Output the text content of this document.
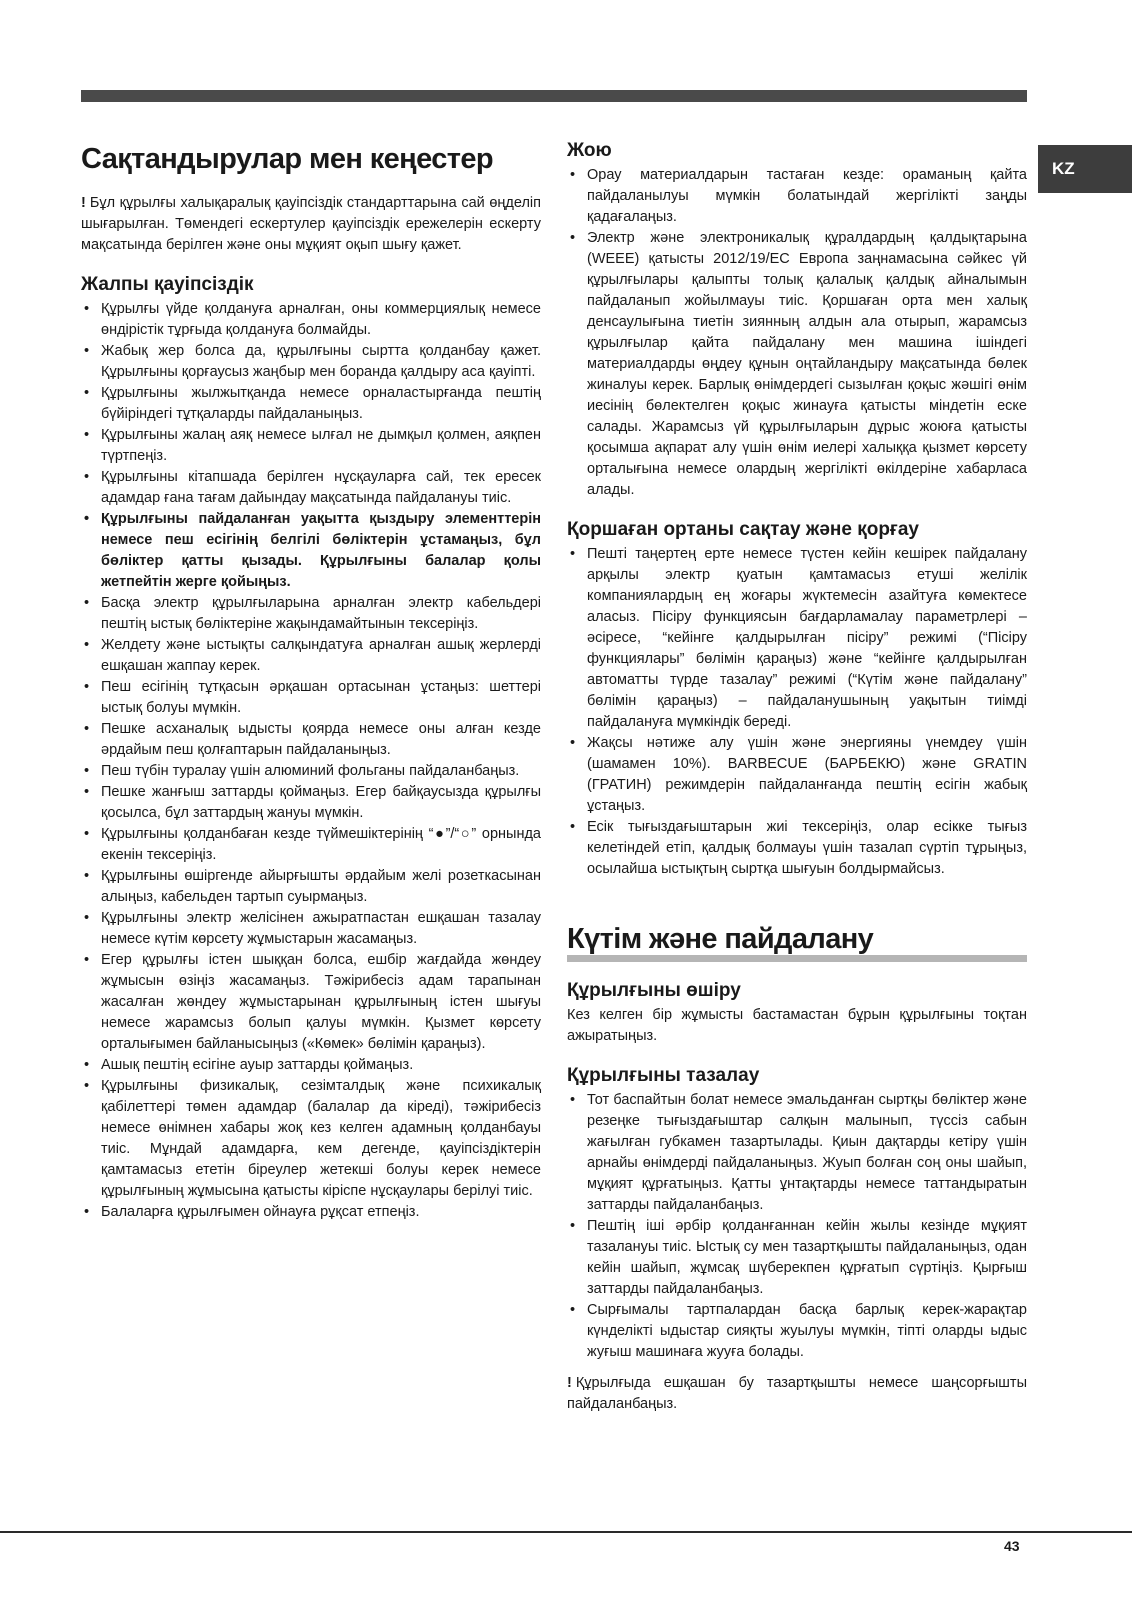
KZ
Сақтандырулар мен кеңестер

! Бұл құрылғы халықаралық қауіпсіздік стандарттарына сай өңделіп шығарылған. Төмендегі ескертулер қауіпсіздік ережелерін ескерту мақсатында берілген және оны мұқият оқып шығу қажет.

Жалпы қауіпсіздік
• Құрылғы үйде қолдануға арналған, оны коммерциялық немесе өндірістік тұрғыда қолдануға болмайды.
• Жабық жер болса да, құрылғыны сыртта қолданбау қажет. Құрылғыны қорғаусыз жаңбыр мен боранда қалдыру аса қауіпті.
• Құрылғыны жылжытқанда немесе орналастырғанда пештің бүйіріндегі тұтқаларды пайдаланыңыз.
• Құрылғыны жалаң аяқ немесе ылғал не дымқыл қолмен, аяқпен түртпеңіз.
• Құрылғыны кітапшада берілген нұсқауларға сай, тек ересек адамдар ғана тағам дайындау мақсатында пайдалануы тиіс.
• Құрылғыны пайдаланған уақытта қыздыру элементтерін немесе пеш есігінің белгілі бөліктерін ұстамаңыз, бұл бөліктер қатты қызады. Құрылғыны балалар қолы жетпейтін жерге қойыңыз.
• Басқа электр құрылғыларына арналған электр кабельдері пештің ыстық бөліктеріне жақындамайтынын тексеріңіз.
• Желдету және ыстықты салқындатуға арналған ашық жерлерді ешқашан жаппау керек.
• Пеш есігінің тұтқасын әрқашан ортасынан ұстаңыз: шеттері ыстық болуы мүмкін.
• Пешке асханалық ыдысты қоярда немесе оны алған кезде әрдайым пеш қолғаптарын пайдаланыңыз.
• Пеш түбін туралау үшін алюминий фольганы пайдаланбаңыз.
• Пешке жанғыш заттарды қоймаңыз. Егер байқаусызда құрылғы қосылса, бұл заттардың жануы мүмкін.
• Құрылғыны қолданбаған кезде түймешіктерінің “●”/“○” орнында екенін тексеріңіз.
• Құрылғыны өшіргенде айырғышты әрдайым желі розеткасынан алыңыз, кабельден тартып суырмаңыз.
• Құрылғыны электр желісінен ажыратпастан ешқашан тазалау немесе күтім көрсету жұмыстарын жасамаңыз.
• Егер құрылғы істен шыққан болса, ешбір жағдайда жөндеу жұмысын өзіңіз жасамаңыз. Тәжірибесіз адам тарапынан жасалған жөндеу жұмыстарынан құрылғының істен шығуы немесе жарамсыз болып қалуы мүмкін. Қызмет көрсету орталығымен байланысыңыз («Көмек» бөлімін қараңыз).
• Ашық пештің есігіне ауыр заттарды қоймаңыз.
• Құрылғыны физикалық, сезімталдық және психикалық қабілеттері төмен адамдар (балалар да кіреді), тәжірибесіз немесе өнімнен хабары жоқ кез келген адамның қолданбауы тиіс. Мұндай адамдарға, кем дегенде, қауіпсіздіктерін қамтамасыз ететін біреулер жетекші болуы керек немесе құрылғының жұмысына қатысты кіріспе нұсқаулары берілуі тиіс.
• Балаларға құрылғымен ойнауға рұқсат етпеңіз.
Жою
• Орау материалдарын тастаған кезде: ораманың қайта пайдаланылуы мүмкін болатындай жергілікті заңды қадағалаңыз.
• Электр және электроникалық құралдардың қалдықтарына (WEEE) қатысты 2012/19/EC Европа заңнамасына сәйкес үй құрылғылары қалыпты толық қалалық қалдық айналымын пайдаланып жойылмауы тиіс. Қоршаған орта мен халық денсаулығына тиетін зиянның алдын ала отырып, жарамсыз құрылғылар қайта пайдалану мен машина ішіндегі материалдарды өңдеу құнын оңтайландыру мақсатында бөлек жиналуы керек. Барлық өнімдердегі сызылған қоқыс жәшігі өнім иесінің бөлектелген қоқыс жинауға қатысты міндетін еске салады. Жарамсыз үй құрылғыларын дұрыс жоюға қатысты қосымша ақпарат алу үшін өнім иелері халыққа қызмет көрсету орталығына немесе олардың жергілікті өкілдеріне хабарласа алады.
Қоршаған ортаны сақтау және қорғау
• Пешті таңертең ерте немесе түстен кейін кешірек пайдалану арқылы электр қуатын қамтамасыз етуші желілік компаниялардың ең жоғары жүктемесін азайтуға көмектесе аласыз. Пісіру функциясын бағдарламалау параметрлері – әсіресе, “кейінге қалдырылған пісіру” режимі (“Пісіру функциялары” бөлімін қараңыз) және “кейінге қалдырылған автоматты түрде тазалау” режимі (“Күтім және пайдалану” бөлімін қараңыз) – пайдаланушының уақытын тиімді пайдалануға мүмкіндік береді.
• Жақсы нәтиже алу үшін және энергияны үнемдеу үшін (шамамен 10%). BARBECUE (БАРБЕКЮ) және GRATIN (ГРАТИН) режимдерін пайдаланғанда пештің есігін жабық ұстаңыз.
• Есік тығыздағыштарын жиі тексеріңіз, олар есікке тығыз келетіндей етіп, қалдық болмауы үшін тазалап сүртіп тұрыңыз, осылайша ыстықтың сыртқа шығуын болдырмайсыз.
Күтім және пайдалану
Құрылғыны өшіру

Кез келген бір жұмысты бастамастан бұрын құрылғыны тоқтан ажыратыңыз.

Құрылғыны тазалау
• Тот баспайтын болат немесе эмальданған сыртқы бөліктер және резеңке тығыздағыштар салқын малынып, түссіз сабын жағылған губкамен тазартылады. Қиын дақтарды кетіру үшін арнайы өнімдерді пайдаланыңыз. Жуып болған соң оны шайып, мұқият құрғатыңыз. Қатты ұнтақтарды немесе таттандыратын заттарды пайдаланбаңыз.
• Пештің іші әрбір қолданғаннан кейін жылы кезінде мұқият тазалануы тиіс. Ыстық су мен тазартқышты пайдаланыңыз, одан кейін шайып, жұмсақ шүберекпен құрғатып сүртіңіз. Қырғыш заттарды пайдаланбаңыз.
• Сырғымалы тартпалардан басқа барлық керек-жарақтар күнделікті ыдыстар сияқты жуылуы мүмкін, тіпті оларды ыдыс жуғыш машинаға жууға болады.

! Құрылғыда ешқашан бу тазартқышты немесе шаңсорғышты пайдаланбаңыз.

43
